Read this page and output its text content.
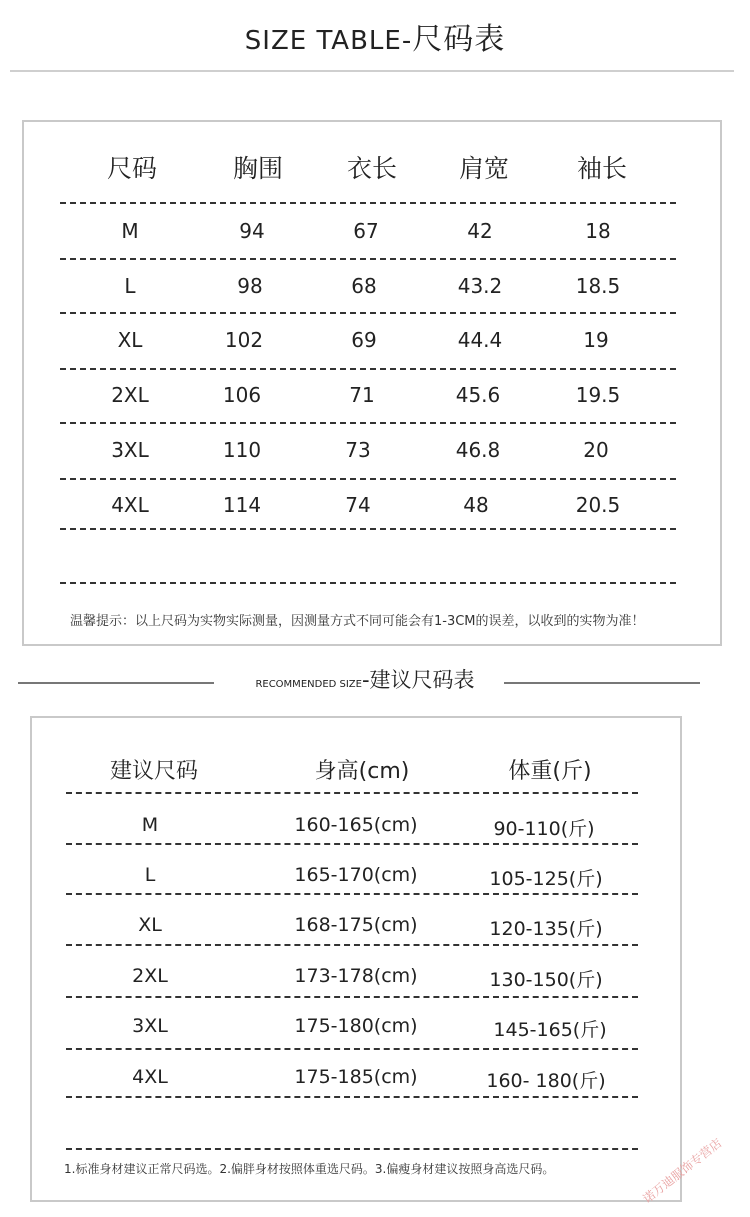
SIZE TABLE-尺码表
尺码	胸围	衣长 肩宽	袖长
M	94	67	42	18
L	98	68	43.2	18.5
XL	102	69	44.4	19
2XL	106	71	45.6	19.5
3XL	110	73	46.8	20
4XL	114	74	48	20.5
温馨提示：以上尺码为实物实际测量，因测量方式不同可能会有1-3CM的误差，以收到的实物为准！
RECOMMENDED SIZE-建议尺码表
建议尺码	身高(cm)	体重(斤)
M	160-165(cm)	90-110(斤)
L	165-170(cm)	105-125(斤)
XL	168-175(cm)	120-135(斤)
2XL	173-178(cm)	130-150(斤)
3XL	175-180(cm)	145-165(斤)
4XL	175-185(cm)	160- 180(斤)
1.标准身材建议正常尺码选。2.偏胖身材按照体重选尺码。3.偏瘦身材建议按照身高选尺码。	诺万迪服饰专营店
